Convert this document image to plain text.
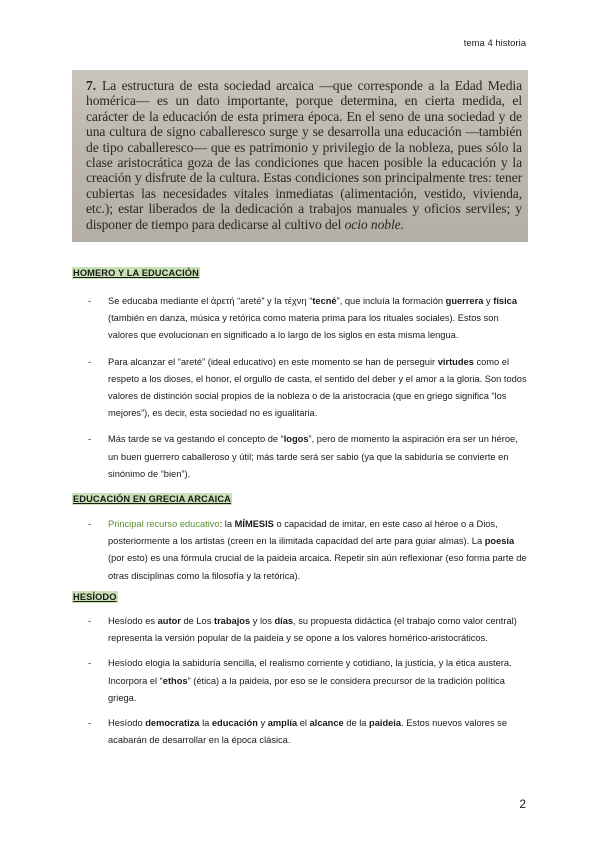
tema 4 historia
7. La estructura de esta sociedad arcaica —que corresponde a la Edad Media homérica— es un dato importante, porque determina, en cierta medida, el carácter de la educación de esta primera época. En el seno de una sociedad y de una cultura de signo caballeresco surge y se desarrolla una educación —también de tipo caballeresco— que es patrimonio y privilegio de la nobleza, pues sólo la clase aristocrática goza de las condiciones que hacen posible la educación y la creación y disfrute de la cultura. Estas condiciones son principalmente tres: tener cubiertas las necesidades vitales inmediatas (alimentación, vestido, vivienda, etc.); estar liberados de la dedicación a trabajos manuales y oficios serviles; y disponer de tiempo para dedicarse al cultivo del ocio noble.
HOMERO Y LA EDUCACIÓN
- Se educaba mediante el ἀρετή “areté” y la τέχνη “tecné”, que incluía la formación guerrera y física (también en danza, música y retórica como materia prima para los rituales sociales). Estos son valores que evolucionan en significado a lo largo de los siglos en esta misma lengua.
- Para alcanzar el “areté” (ideal educativo) en este momento se han de perseguir virtudes como el respeto a los dioses, el honor, el orgullo de casta, el sentido del deber y el amor a la gloria. Son todos valores de distinción social propios de la nobleza o de la aristocracia (que en griego significa “los mejores”), es decir, esta sociedad no es igualitaria.
- Más tarde se va gestando el concepto de “logos”, pero de momento la aspiración era ser un héroe, un buen guerrero caballeroso y útil; más tarde será ser sabio (ya que la sabiduría se convierte en sinónimo de “bien”).
EDUCACIÓN EN GRECIA ARCAICA
- Principal recurso educativo: la MÍMESIS o capacidad de imitar, en este caso al héroe o a Dios, posteriormente a los artistas (creen en la ilimitada capacidad del arte para guiar almas). La poesía (por esto) es una fórmula crucial de la paideia arcaica. Repetir sin aún reflexionar (eso forma parte de otras disciplinas como la filosofía y la retórica).
HESÍODO
- Hesíodo es autor de Los trabajos y los días, su propuesta didáctica (el trabajo como valor central) representa la versión popular de la paideia y se opone a los valores homérico-aristocráticos.
- Hesíodo elogia la sabiduría sencilla, el realismo corriente y cotidiano, la justicia, y la ética austera. Incorpora el “ethos” (ética) a la paideia, por eso se le considera precursor de la tradición política griega.
- Hesíodo democratiza la educación y amplía el alcance de la paideia. Estos nuevos valores se acabarán de desarrollar en la época clásica.
2
